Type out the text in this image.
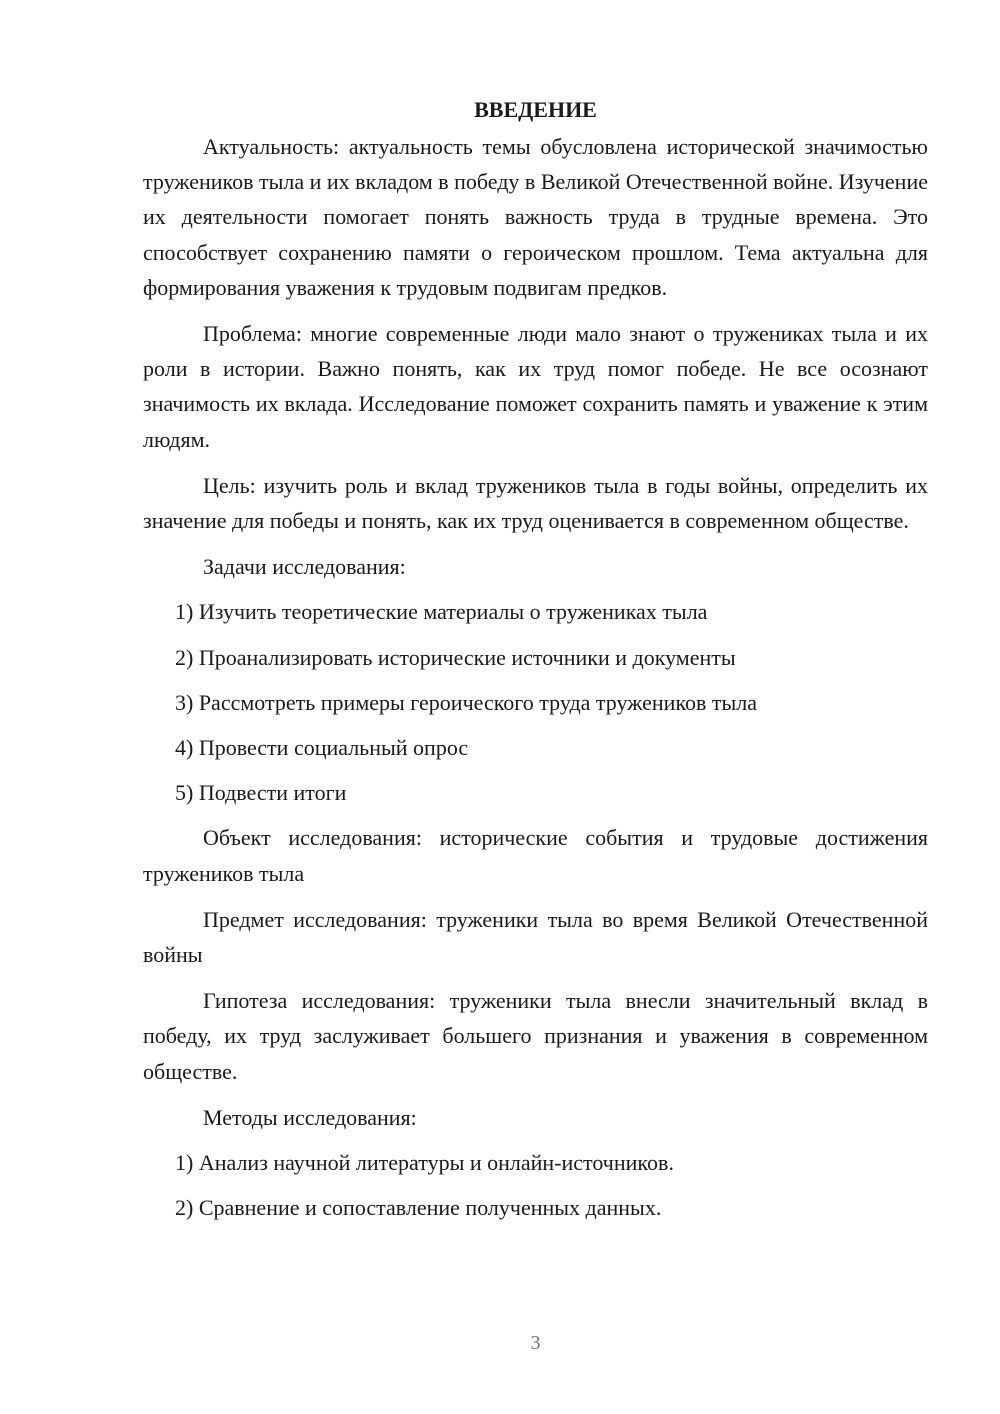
ВВЕДЕНИЕ

Актуальность: актуальность темы обусловлена исторической значимостью тружеников тыла и их вкладом в победу в Великой Отечественной войне. Изучение их деятельности помогает понять важность труда в трудные времена. Это способствует сохранению памяти о героическом прошлом. Тема актуальна для формирования уважения к трудовым подвигам предков.

Проблема: многие современные люди мало знают о тружениках тыла и их роли в истории. Важно понять, как их труд помог победе. Не все осознают значимость их вклада. Исследование поможет сохранить память и уважение к этим людям.

Цель: изучить роль и вклад тружеников тыла в годы войны, определить их значение для победы и понять, как их труд оценивается в современном обществе.

Задачи исследования:

1) Изучить теоретические материалы о тружениках тыла

2) Проанализировать исторические источники и документы

3) Рассмотреть примеры героического труда тружеников тыла

4) Провести социальный опрос

5) Подвести итоги

Объект исследования: исторические события и трудовые достижения тружеников тыла

Предмет исследования: труженики тыла во время Великой Отечественной войны

Гипотеза исследования: труженики тыла внесли значительный вклад в победу, их труд заслуживает большего признания и уважения в современном обществе.

Методы исследования:

1) Анализ научной литературы и онлайн-источников.

2) Сравнение и сопоставление полученных данных.

3
